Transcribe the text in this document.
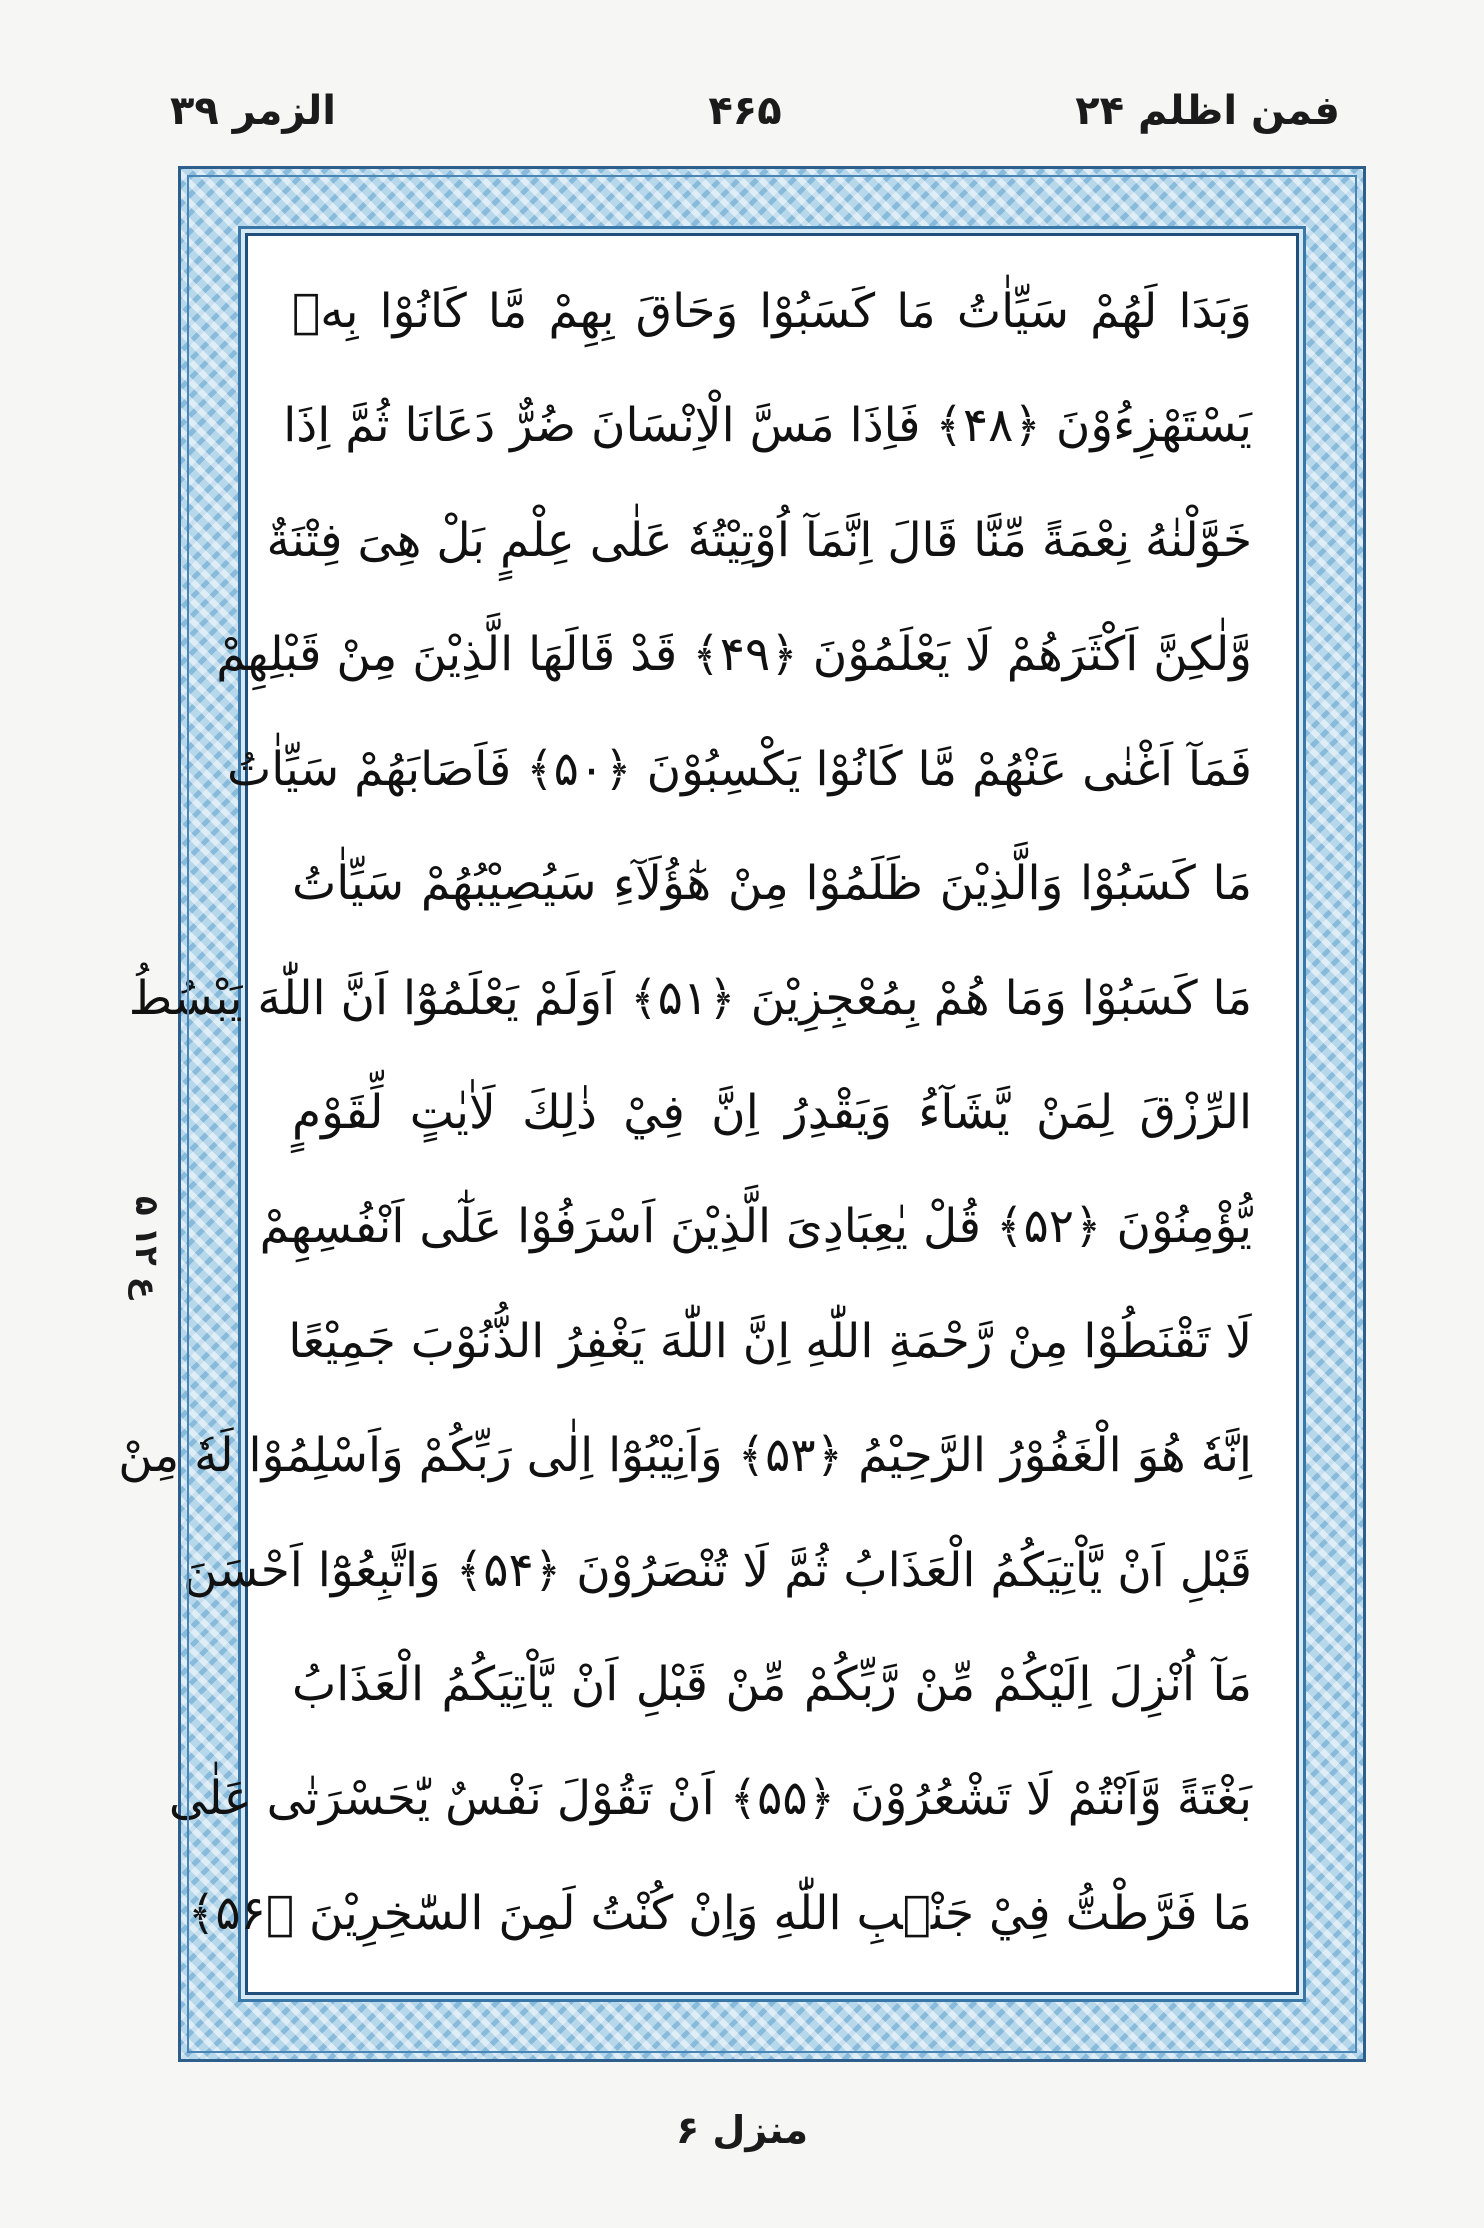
فمن اظلم ۲۴
۴۶۵
الزمر ۳۹
ع ۱۲ ۵
وَبَدَا لَهُمْ سَيِّاٰتُ مَا كَسَبُوْا وَحَاقَ بِهِمْ مَّا كَانُوْا بِهٖ
يَسْتَهْزِءُوْنَ ﴿۴۸﴾ فَاِذَا مَسَّ الْاِنْسَانَ ضُرٌّ دَعَانَا ثُمَّ اِذَا
خَوَّلْنٰهُ نِعْمَةً مِّنَّا قَالَ اِنَّمَآ اُوْتِيْتُهٗ عَلٰى عِلْمٍ بَلْ هِىَ فِتْنَةٌ
وَّلٰكِنَّ اَكْثَرَهُمْ لَا يَعْلَمُوْنَ ﴿۴۹﴾ قَدْ قَالَهَا الَّذِيْنَ مِنْ قَبْلِهِمْ
فَمَآ اَغْنٰى عَنْهُمْ مَّا كَانُوْا يَكْسِبُوْنَ ﴿۵۰﴾ فَاَصَابَهُمْ سَيِّاٰتُ
مَا كَسَبُوْا وَالَّذِيْنَ ظَلَمُوْا مِنْ هٰٓؤُلَآءِ سَيُصِيْبُهُمْ سَيِّاٰتُ
مَا كَسَبُوْا وَمَا هُمْ بِمُعْجِزِيْنَ ﴿۵۱﴾ اَوَلَمْ يَعْلَمُوْٓا اَنَّ اللّٰهَ يَبْسُطُ
الرِّزْقَ لِمَنْ يَّشَآءُ وَيَقْدِرُ اِنَّ فِيْ ذٰلِكَ لَاٰيٰتٍ لِّقَوْمٍ
يُّؤْمِنُوْنَ ﴿۵۲﴾ قُلْ يٰعِبَادِىَ الَّذِيْنَ اَسْرَفُوْا عَلٰٓى اَنْفُسِهِمْ
لَا تَقْنَطُوْا مِنْ رَّحْمَةِ اللّٰهِ اِنَّ اللّٰهَ يَغْفِرُ الذُّنُوْبَ جَمِيْعًا
اِنَّهٗ هُوَ الْغَفُوْرُ الرَّحِيْمُ ﴿۵۳﴾ وَاَنِيْبُوْٓا اِلٰى رَبِّكُمْ وَاَسْلِمُوْا لَهٗ مِنْ
قَبْلِ اَنْ يَّاْتِيَكُمُ الْعَذَابُ ثُمَّ لَا تُنْصَرُوْنَ ﴿۵۴﴾ وَاتَّبِعُوْٓا اَحْسَنَ
مَآ اُنْزِلَ اِلَيْكُمْ مِّنْ رَّبِّكُمْ مِّنْ قَبْلِ اَنْ يَّاْتِيَكُمُ الْعَذَابُ
بَغْتَةً وَّاَنْتُمْ لَا تَشْعُرُوْنَ ﴿۵۵﴾ اَنْ تَقُوْلَ نَفْسٌ يّٰحَسْرَتٰى عَلٰى
مَا فَرَّطْتُّ فِيْ جَنْۢبِ اللّٰهِ وَاِنْ كُنْتُ لَمِنَ السّٰخِرِيْنَ ﴿۵۶﴾
منزل ۶
